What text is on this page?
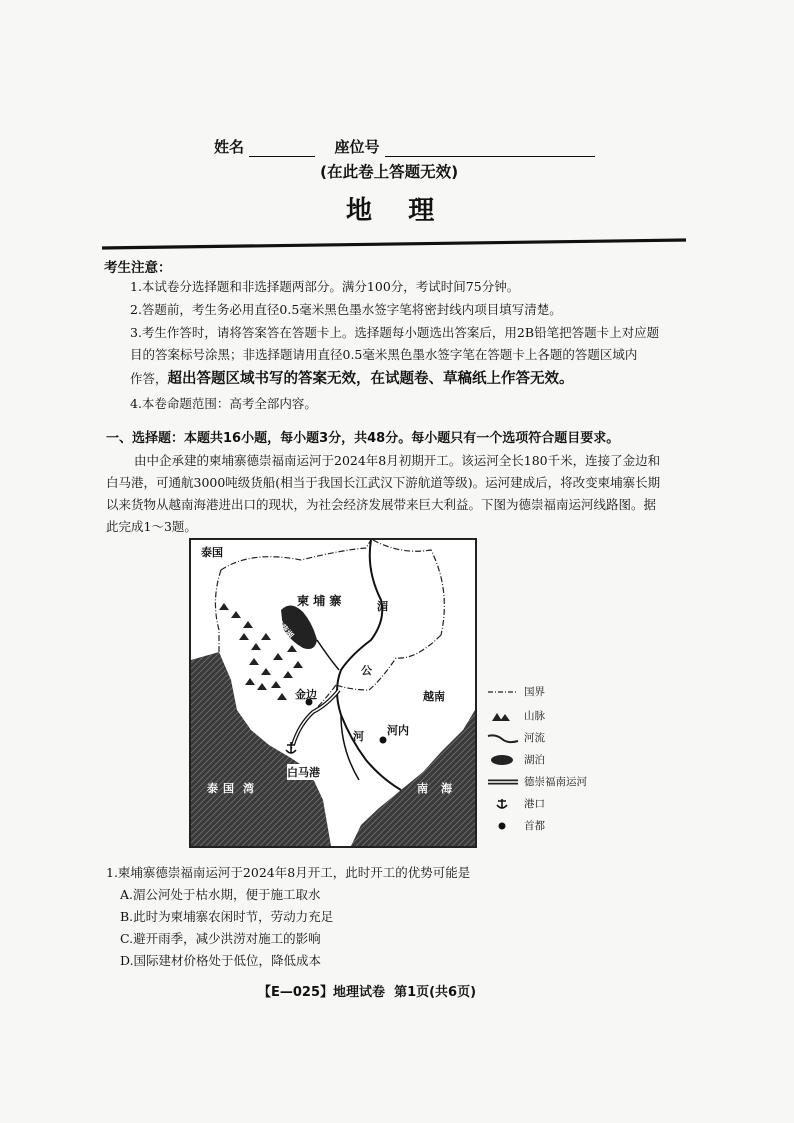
姓名	座位号
(在此卷上答题无效)
地    理
考生注意：

1.本试卷分选择题和非选择题两部分。满分100分，考试时间75分钟。

2.答题前，考生务必用直径0.5毫米黑色墨水签字笔将密封线内项目填写清楚。

3.考生作答时，请将答案答在答题卡上。选择题每小题选出答案后，用2B铅笔把答题卡上对应题

目的答案标号涂黑；非选择题请用直径0.5毫米黑色墨水签字笔在答题卡上各题的答题区域内

作答，超出答题区域书写的答案无效，在试题卷、草稿纸上作答无效。

4.本卷命题范围：高考全部内容。

一、选择题：本题共16小题，每小题3分，共48分。每小题只有一个选项符合题目要求。

由中企承建的柬埔寨德崇福南运河于2024年8月初期开工。该运河全长180千米，连接了金边和

白马港，可通航3000吨级货船(相当于我国长江武汉下游航道等级)。运河建成后，将改变柬埔寨长期

以来货物从越南海港进出口的现状，为社会经济发展带来巨大利益。下图为德崇福南运河线路图。据

此完成1～3题。

泰国
柬 埔 寨
洞里萨湖
湄
公
河
越南
金边
河内
白马港
泰 国 湾	南 海
国界
山脉
河流
湖泊
德崇福南运河
港口
首都

1.柬埔寨德崇福南运河于2024年8月开工，此时开工的优势可能是

A.湄公河处于枯水期，便于施工取水

B.此时为柬埔寨农闲时节，劳动力充足

C.避开雨季，减少洪涝对施工的影响

D.国际建材价格处于低位，降低成本

【E—025】地理试卷  第1页(共6页)
